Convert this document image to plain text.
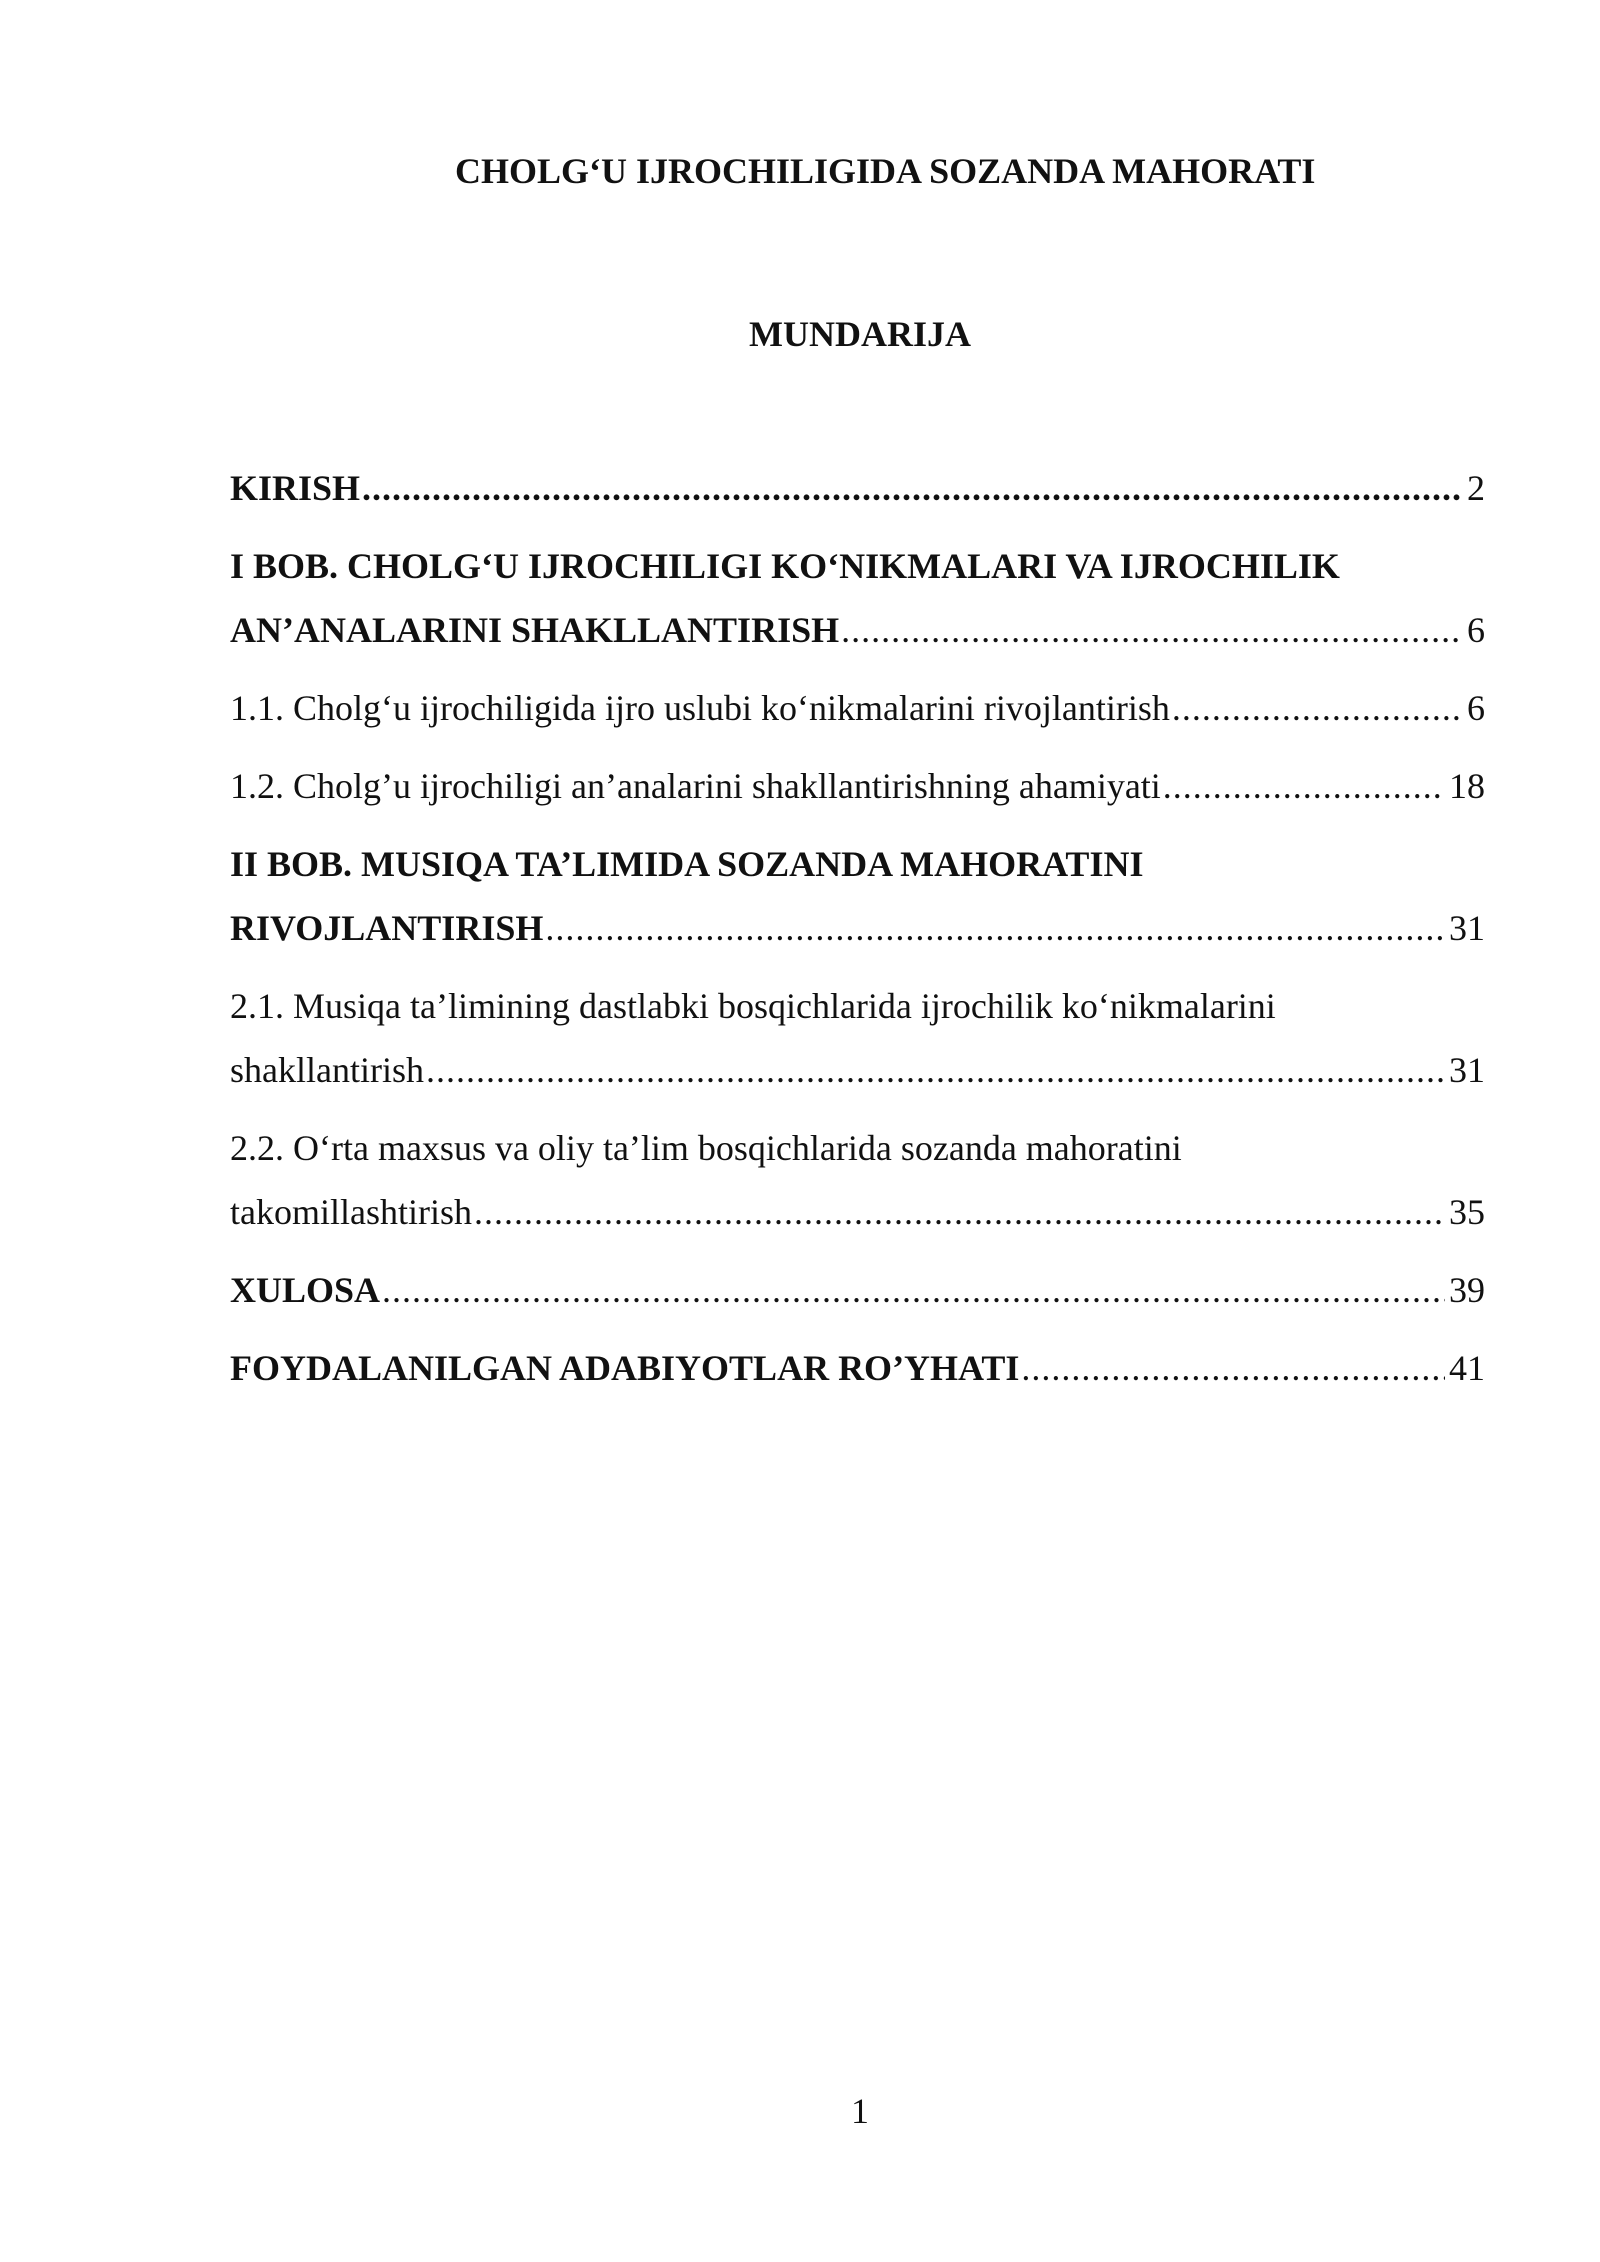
CHOLG‘U IJROCHILIGIDA SOZANDA MAHORATI
MUNDARIJA
KIRISH .....	2
I BOB. CHOLG‘U IJROCHILIGI KO‘NIKMALARI VA IJROCHILIK
AN’ANALARINI SHAKLLANTIRISH .....	6
1.1. Cholg‘u ijrochiligida ijro uslubi ko‘nikmalarini rivojlantirish .....	6
1.2. Cholg’u ijrochiligi an’analarini shakllantirishning ahamiyati .....	18
II BOB. MUSIQA TA’LIMIDA SOZANDA MAHORATINI
RIVOJLANTIRISH .....	31
2.1. Musiqa ta’limining dastlabki bosqichlarida ijrochilik ko‘nikmalarini
shakllantirish .....	31
2.2. O‘rta maxsus va oliy ta’lim bosqichlarida sozanda mahoratini
takomillashtirish .....	35
XULOSA .....	39
FOYDALANILGAN ADABIYOTLAR RO’YHATI .....	41
1
